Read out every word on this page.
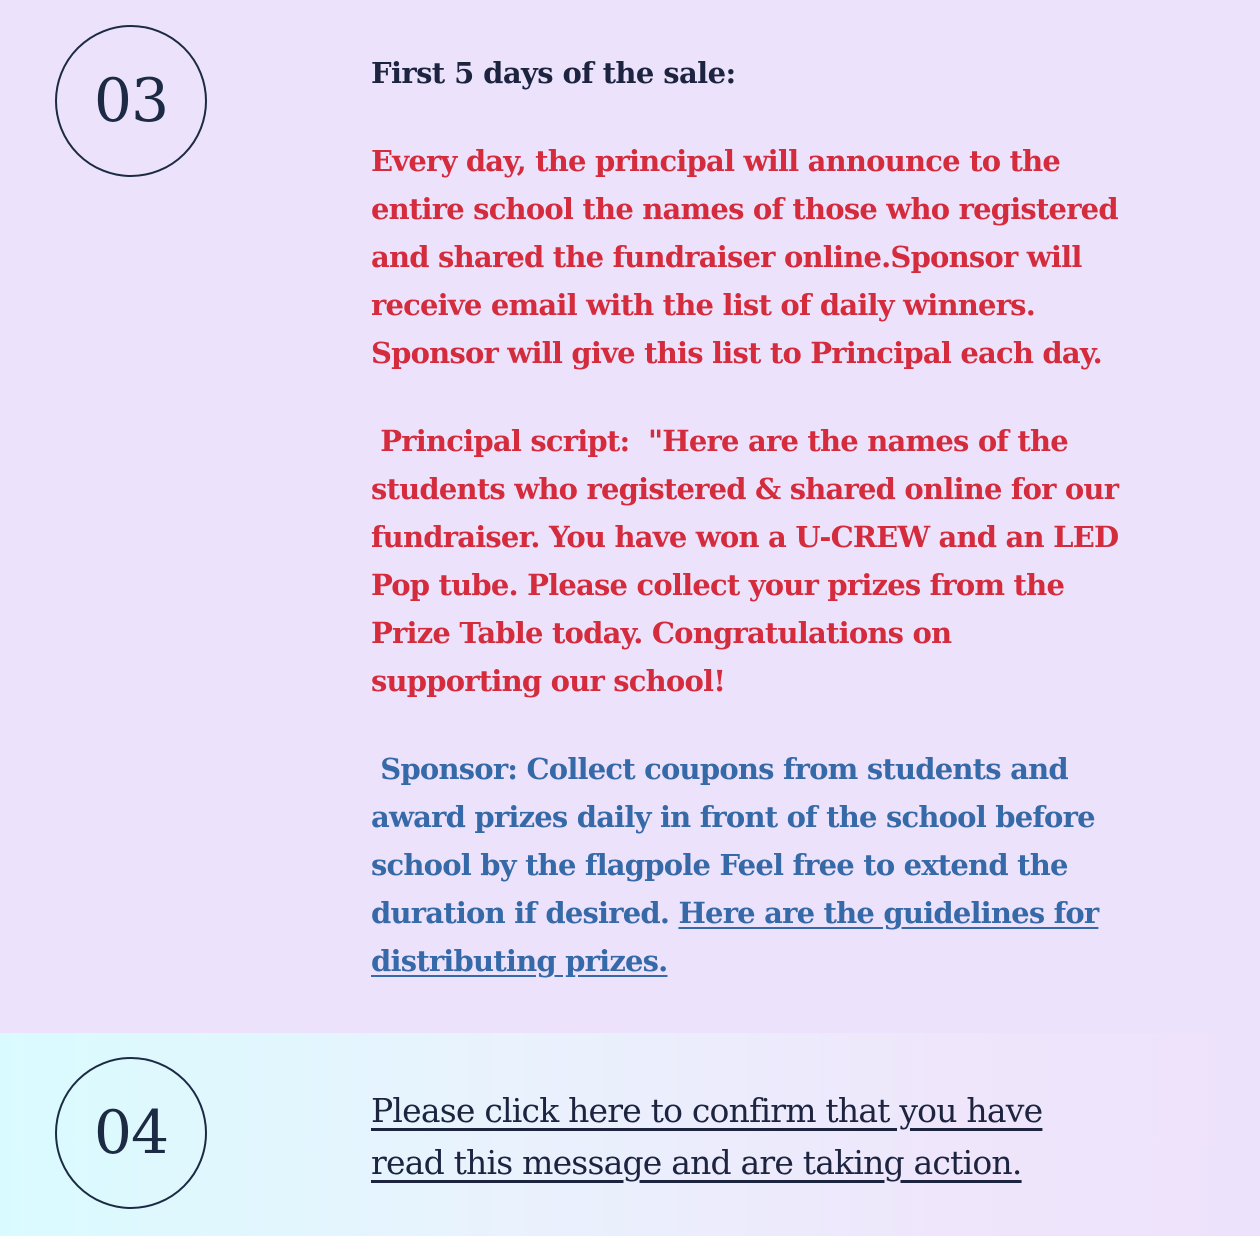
03	First 5 days of the sale:
Every day, the principal will announce to the
entire school the names of those who registered
and shared the fundraiser online.Sponsor will
receive email with the list of daily winners.
Sponsor will give this list to Principal each day.
Principal script:  "Here are the names of the
students who registered & shared online for our
fundraiser. You have won a U-CREW and an LED
Pop tube. Please collect your prizes from the
Prize Table today. Congratulations on
supporting our school!
Sponsor: Collect coupons from students and
award prizes daily in front of the school before
school by the flagpole Feel free to extend the
duration if desired. Here are the guidelines for
distributing prizes.
04	Please click here to confirm that you have
read this message and are taking action.
